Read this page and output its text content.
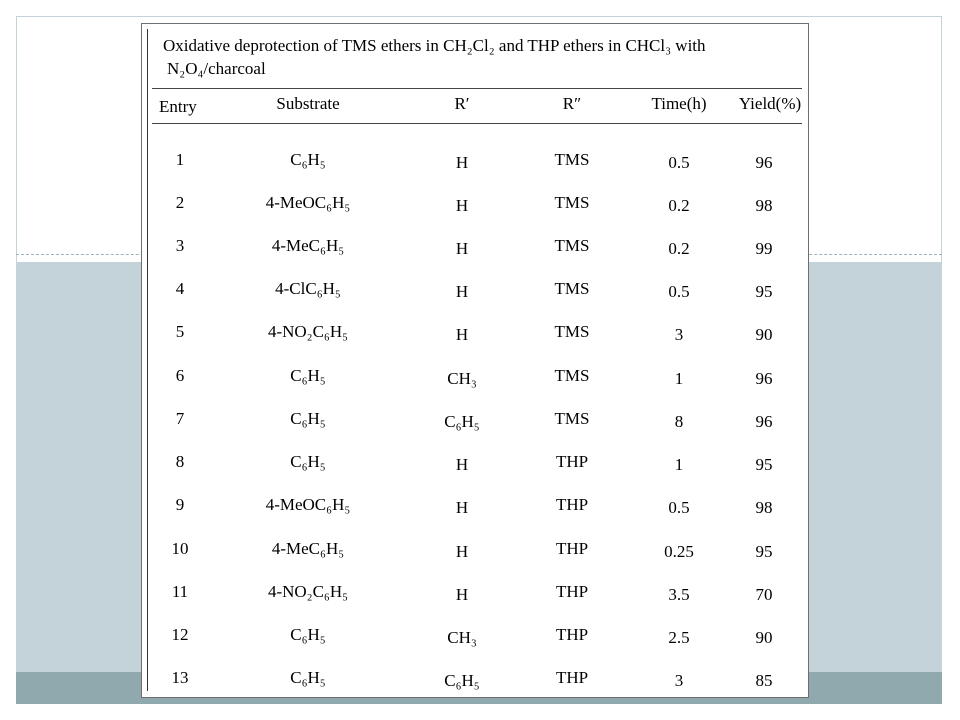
Oxidative deprotection of TMS ethers in CH₂Cl₂ and THP ethers in CHCl₃ with
N₂O₄/charcoal
Entry	Substrate	R′	R″	Time(h) Yield(%)
1	C₆H₅	H	TMS	0.5	96
2	4-MeOC₆H₅	H	TMS	0.2	98
3	4-MeC₆H₅	H	TMS	0.2	99
4	4-ClC₆H₅	H	TMS	0.5	95
5	4-NO₂C₆H₅	H	TMS	3	90
6	C₆H₅	CH₃	TMS	1	96
7	C₆H₅	C₆H₅	TMS	8	96
8	C₆H₅	H	THP	1	95
9	4-MeOC₆H₅	H	THP	0.5	98
10	4-MeC₆H₅	H	THP	0.25	95
11	4-NO₂C₆H₅	H	THP	3.5	70
12	C₆H₅	CH₃	THP	2.5	90
13	C₆H₅	C₆H₅	THP	3	85
